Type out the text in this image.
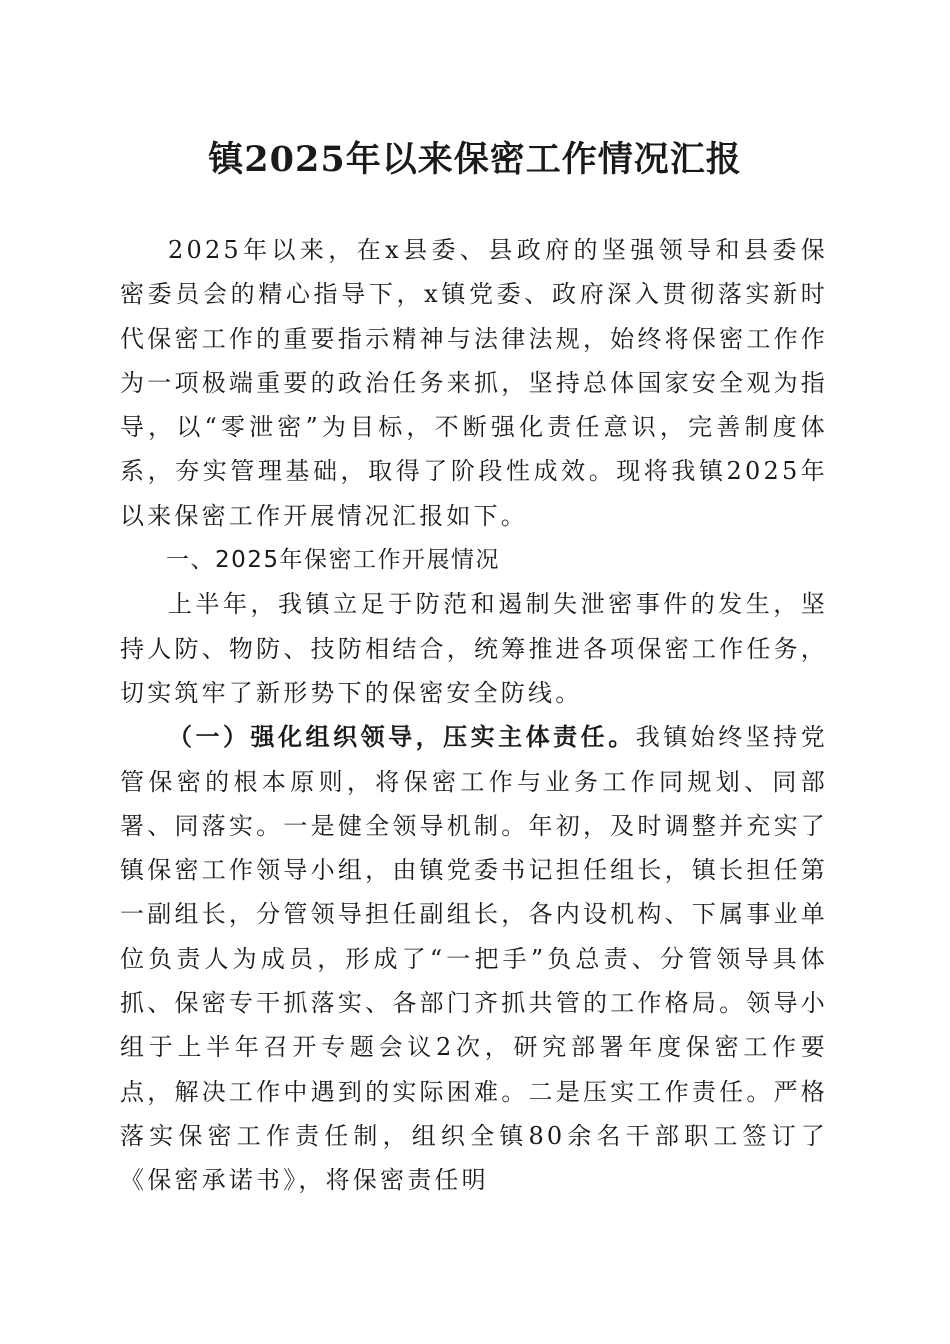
镇2025年以来保密工作情况汇报

2025年以来，在x县委、县政府的坚强领导和县委保密委员会的精心指导下，x镇党委、政府深入贯彻落实新时代保密工作的重要指示精神与法律法规，始终将保密工作作为一项极端重要的政治任务来抓，坚持总体国家安全观为指导，以“零泄密”为目标，不断强化责任意识，完善制度体系，夯实管理基础，取得了阶段性成效。现将我镇2025年以来保密工作开展情况汇报如下。

一、2025年保密工作开展情况

上半年，我镇立足于防范和遏制失泄密事件的发生，坚持人防、物防、技防相结合，统筹推进各项保密工作任务，切实筑牢了新形势下的保密安全防线。

（一）强化组织领导，压实主体责任。我镇始终坚持党管保密的根本原则，将保密工作与业务工作同规划、同部署、同落实。一是健全领导机制。年初，及时调整并充实了镇保密工作领导小组，由镇党委书记担任组长，镇长担任第一副组长，分管领导担任副组长，各内设机构、下属事业单位负责人为成员，形成了“一把手”负总责、分管领导具体抓、保密专干抓落实、各部门齐抓共管的工作格局。领导小组于上半年召开专题会议2次，研究部署年度保密工作要点，解决工作中遇到的实际困难。二是压实工作责任。严格落实保密工作责任制，组织全镇80余名干部职工签订了《保密承诺书》，将保密责任明
